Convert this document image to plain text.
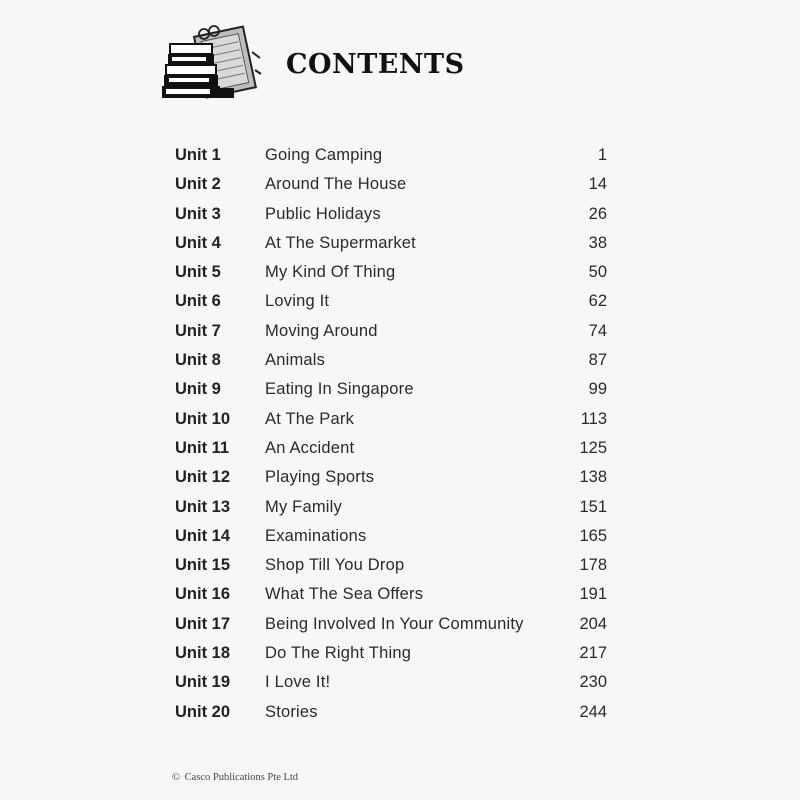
CONTENTS
Unit 1	Going Camping	1
Unit 2	Around The House	14
Unit 3	Public Holidays	26
Unit 4	At The Supermarket	38
Unit 5	My Kind Of Thing	50
Unit 6	Loving It	62
Unit 7	Moving Around	74
Unit 8	Animals	87
Unit 9	Eating In Singapore	99
Unit 10 At The Park	113
Unit 11 An Accident	125
Unit 12 Playing Sports	138
Unit 13 My Family	151
Unit 14 Examinations	165
Unit 15 Shop Till You Drop	178
Unit 16 What The Sea Offers	191
Unit 17 Being Involved In Your Community	204
Unit 18 Do The Right Thing	217
Unit 19 I Love It!	230
Unit 20 Stories	244
© Casco Publications Pte Ltd
